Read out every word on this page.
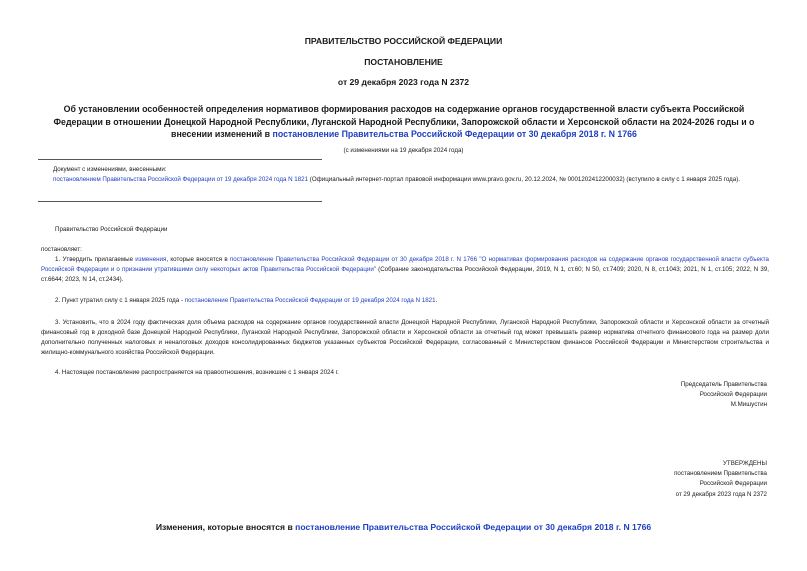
ПРАВИТЕЛЬСТВО РОССИЙСКОЙ ФЕДЕРАЦИИ
ПОСТАНОВЛЕНИЕ
от 29 декабря 2023 года N 2372
Об установлении особенностей определения нормативов формирования расходов на содержание органов государственной власти субъекта Российской Федерации в отношении Донецкой Народной Республики, Луганской Народной Республики, Запорожской области и Херсонской области на 2024-2026 годы и о внесении изменений в постановление Правительства Российской Федерации от 30 декабря 2018 г. N 1766
(с изменениями на 19 декабря 2024 года)
Документ с изменениями, внесенными:
постановлением Правительства Российской Федерации от 19 декабря 2024 года N 1821 (Официальный интернет-портал правовой информации www.pravo.gov.ru, 20.12.2024, № 0001202412200032) (вступило в силу с 1 января 2025 года).
Правительство Российской Федерации
постановляет:
1. Утвердить прилагаемые изменения, которые вносятся в постановление Правительства Российской Федерации от 30 декабря 2018 г. N 1766 "О нормативах формирования расходов на содержание органов государственной власти субъекта Российской Федерации и о признании утратившими силу некоторых актов Правительства Российской Федерации" (Собрание законодательства Российской Федерации, 2019, N 1, ст.60; N 50, ст.7409; 2020, N 8, ст.1043; 2021, N 1, ст.105; 2022, N 39, ст.6644; 2023, N 14, ст.2434).
2. Пункт утратил силу с 1 января 2025 года - постановление Правительства Российской Федерации от 19 декабря 2024 года N 1821.
3. Установить, что в 2024 году фактическая доля объема расходов на содержание органов государственной власти Донецкой Народной Республики, Луганской Народной Республики, Запорожской области и Херсонской области за отчетный финансовый год в доходной базе Донецкой Народной Республики, Луганской Народной Республики, Запорожской области и Херсонской области за отчетный год может превышать размер норматива отчетного финансового года на размер доли дополнительно полученных налоговых и неналоговых доходов консолидированных бюджетов указанных субъектов Российской Федерации, согласованный с Министерством финансов Российской Федерации и Министерством строительства и жилищно-коммунального хозяйства Российской Федерации.
4. Настоящее постановление распространяется на правоотношения, возникшие с 1 января 2024 г.
Председатель Правительства
Российской Федерации
М.Мишустин
УТВЕРЖДЕНЫ
постановлением Правительства
Российской Федерации
от 29 декабря 2023 года N 2372
Изменения, которые вносятся в постановление Правительства Российской Федерации от 30 декабря 2018 г. N 1766
